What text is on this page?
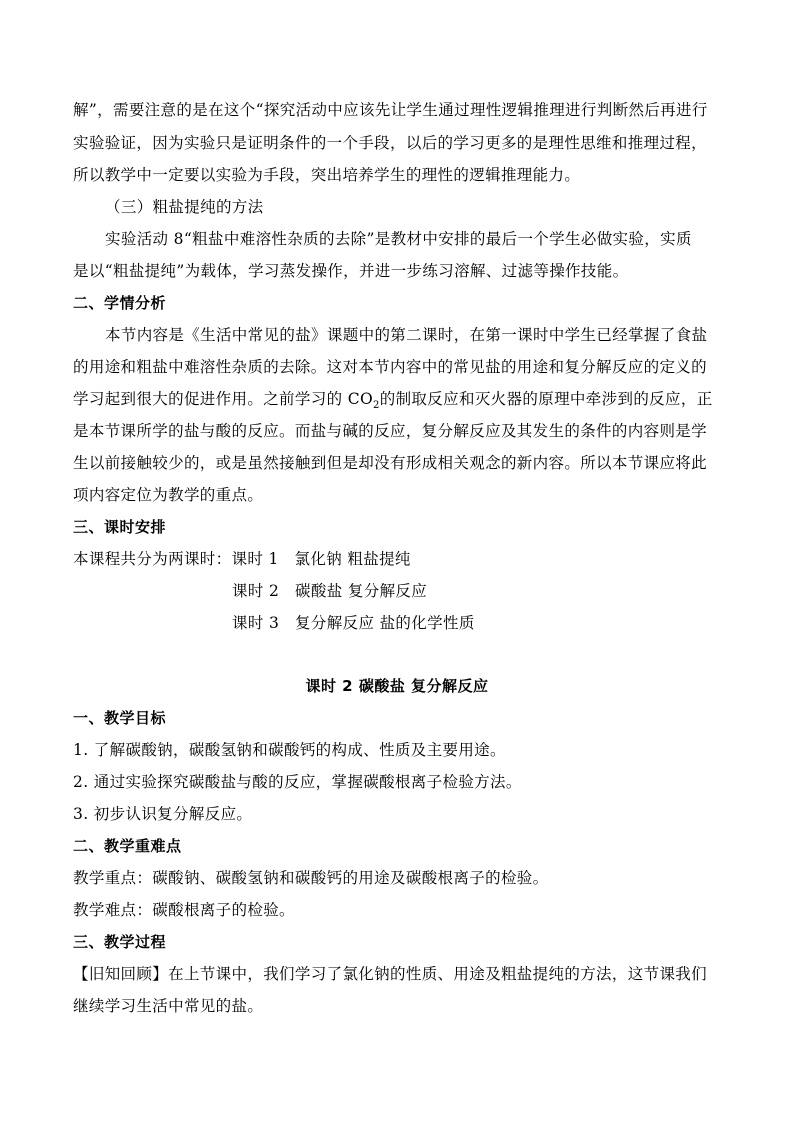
解”，需要注意的是在这个“探究活动中应该先让学生通过理性逻辑推理进行判断然后再进行
实验验证，因为实验只是证明条件的一个手段，以后的学习更多的是理性思维和推理过程，
所以教学中一定要以实验为手段，突出培养学生的理性的逻辑推理能力。
（三）粗盐提纯的方法
实验活动 8“粗盐中难溶性杂质的去除”是教材中安排的最后一个学生必做实验，实质
是以“粗盐提纯”为载体，学习蒸发操作，并进一步练习溶解、过滤等操作技能。
二、学情分析
本节内容是《生活中常见的盐》课题中的第二课时，在第一课时中学生已经掌握了食盐
的用途和粗盐中难溶性杂质的去除。这对本节内容中的常见盐的用途和复分解反应的定义的
学习起到很大的促进作用。之前学习的 $CO_2$的制取反应和灭火器的原理中牵涉到的反应，正
是本节课所学的盐与酸的反应。而盐与碱的反应，复分解反应及其发生的条件的内容则是学
生以前接触较少的，或是虽然接触到但是却没有形成相关观念的新内容。所以本节课应将此
项内容定位为教学的重点。
三、课时安排
本课程共分为两课时：课时 1　氯化钠 粗盐提纯
课时 2　碳酸盐 复分解反应
课时 3　复分解反应 盐的化学性质
课时 2 碳酸盐 复分解反应
一、教学目标
1. 了解碳酸钠，碳酸氢钠和碳酸钙的构成、性质及主要用途。
2. 通过实验探究碳酸盐与酸的反应，掌握碳酸根离子检验方法。
3. 初步认识复分解反应。
二、教学重难点
教学重点：碳酸钠、碳酸氢钠和碳酸钙的用途及碳酸根离子的检验。
教学难点：碳酸根离子的检验。
三、教学过程
【旧知回顾】在上节课中，我们学习了氯化钠的性质、用途及粗盐提纯的方法，这节课我们
继续学习生活中常见的盐。
